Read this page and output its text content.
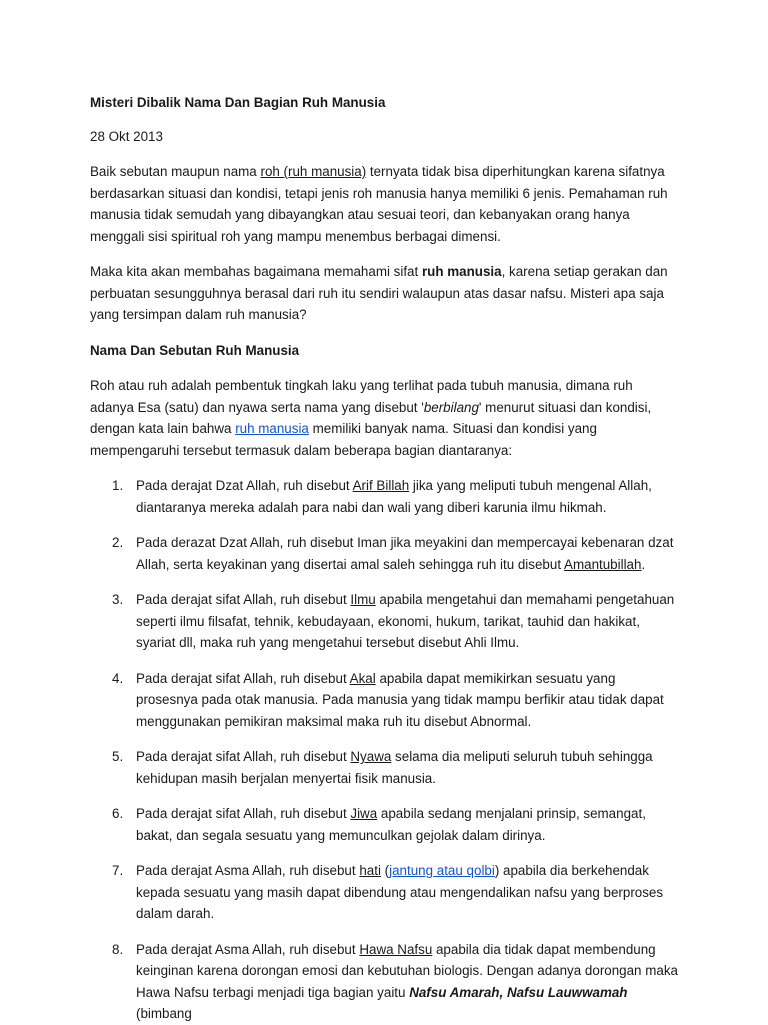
Misteri Dibalik Nama Dan Bagian Ruh Manusia

28 Okt 2013

Baik sebutan maupun nama roh (ruh manusia) ternyata tidak bisa diperhitungkan karena sifatnya berdasarkan situasi dan kondisi, tetapi jenis roh manusia hanya memiliki 6 jenis. Pemahaman ruh manusia tidak semudah yang dibayangkan atau sesuai teori, dan kebanyakan orang hanya menggali sisi spiritual roh yang mampu menembus berbagai dimensi.

Maka kita akan membahas bagaimana memahami sifat ruh manusia, karena setiap gerakan dan perbuatan sesungguhnya berasal dari ruh itu sendiri walaupun atas dasar nafsu. Misteri apa saja yang tersimpan dalam ruh manusia?

Nama Dan Sebutan Ruh Manusia

Roh atau ruh adalah pembentuk tingkah laku yang terlihat pada tubuh manusia, dimana ruh adanya Esa (satu) dan nyawa serta nama yang disebut 'berbilang' menurut situasi dan kondisi, dengan kata lain bahwa ruh manusia memiliki banyak nama. Situasi dan kondisi yang mempengaruhi tersebut termasuk dalam beberapa bagian diantaranya:

1. Pada derajat Dzat Allah, ruh disebut Arif Billah jika yang meliputi tubuh mengenal Allah, diantaranya mereka adalah para nabi dan wali yang diberi karunia ilmu hikmah.
2. Pada derazat Dzat Allah, ruh disebut Iman jika meyakini dan mempercayai kebenaran dzat Allah, serta keyakinan yang disertai amal saleh sehingga ruh itu disebut Amantubillah.
3. Pada derajat sifat Allah, ruh disebut Ilmu apabila mengetahui dan memahami pengetahuan seperti ilmu filsafat, tehnik, kebudayaan, ekonomi, hukum, tarikat, tauhid dan hakikat, syariat dll, maka ruh yang mengetahui tersebut disebut Ahli Ilmu.
4. Pada derajat sifat Allah, ruh disebut Akal apabila dapat memikirkan sesuatu yang prosesnya pada otak manusia. Pada manusia yang tidak mampu berfikir atau tidak dapat menggunakan pemikiran maksimal maka ruh itu disebut Abnormal.
5. Pada derajat sifat Allah, ruh disebut Nyawa selama dia meliputi seluruh tubuh sehingga kehidupan masih berjalan menyertai fisik manusia.
6. Pada derajat sifat Allah, ruh disebut Jiwa apabila sedang menjalani prinsip, semangat, bakat, dan segala sesuatu yang memunculkan gejolak dalam dirinya.
7. Pada derajat Asma Allah, ruh disebut hati (jantung atau qolbi) apabila dia berkehendak kepada sesuatu yang masih dapat dibendung atau mengendalikan nafsu yang berproses dalam darah.
8. Pada derajat Asma Allah, ruh disebut Hawa Nafsu apabila dia tidak dapat membendung keinginan karena dorongan emosi dan kebutuhan biologis. Dengan adanya dorongan maka Hawa Nafsu terbagi menjadi tiga bagian yaitu Nafsu Amarah, Nafsu Lauwwamah (bimbang
